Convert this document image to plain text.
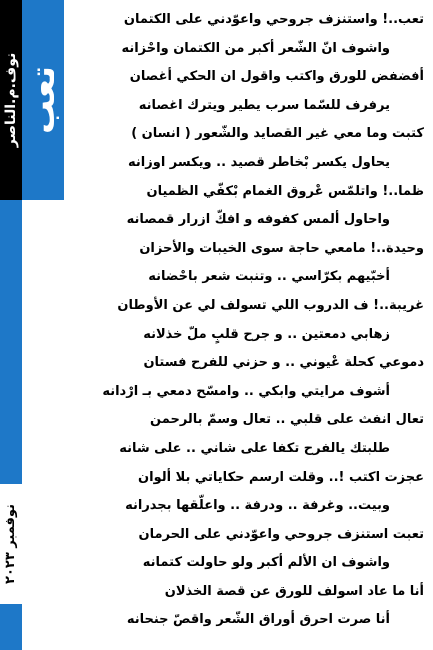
نوف.م.الناصر تعب
نوفمبر ٢٠٢٣
تعب..! واستنزف جروحي واعوّدني على الكتمان
واشوف انّ الشّعر أكبر من الكتمان واحْزانه
أفضفض للورق واكتب واقول ان الحكي أغصان
يرفرف للسّما سرب يطير ويترك اغصانه
كتبت وما معي غير القصايد والشّعور ( انسان )
يحاول يكسر بْخاطر قصيد .. ويكسر اوزانه
ظما..! واتلمّس عْروق الغمام بْكفّي الظميان
واحاول ألمس كفوفه و افكّ ازرار قمصانه
وحيدة..! مامعي حاجة سوى الخيبات والأحزان
أخبّيهم بكرّاسي .. وتنبت شعر باحْضانه
غريبة..! ف الدروب اللي تسولف لي عن الأوطان
زهابي دمعتين .. و جرح قلبٍ ملّ خذلانه
دموعي كحلة عْيوني .. و حزني للفرح فستان
أشوف مرايتي وابكي .. وامسّح دمعي بـ ارْدانه
تعال انفث على قلبي .. تعال وسمّ بالرحمن
طلبتك يالفرح تكفا على شاني .. على شانه
عجزت اكتب !.. وقلت ارسم حكاياتي بلا ألوان
وبيت.. وغرفة .. ودرفة .. واعلّقها بجدرانه
تعبت استنزف جروحي واعوّدني على الحرمان
واشوف ان الألم أكبر ولو حاولت كتمانه
أنا ما عاد اسولف للورق عن قصة الخذلان
أنا صرت احرق أوراق الشّعر واقصّ جنحانه
